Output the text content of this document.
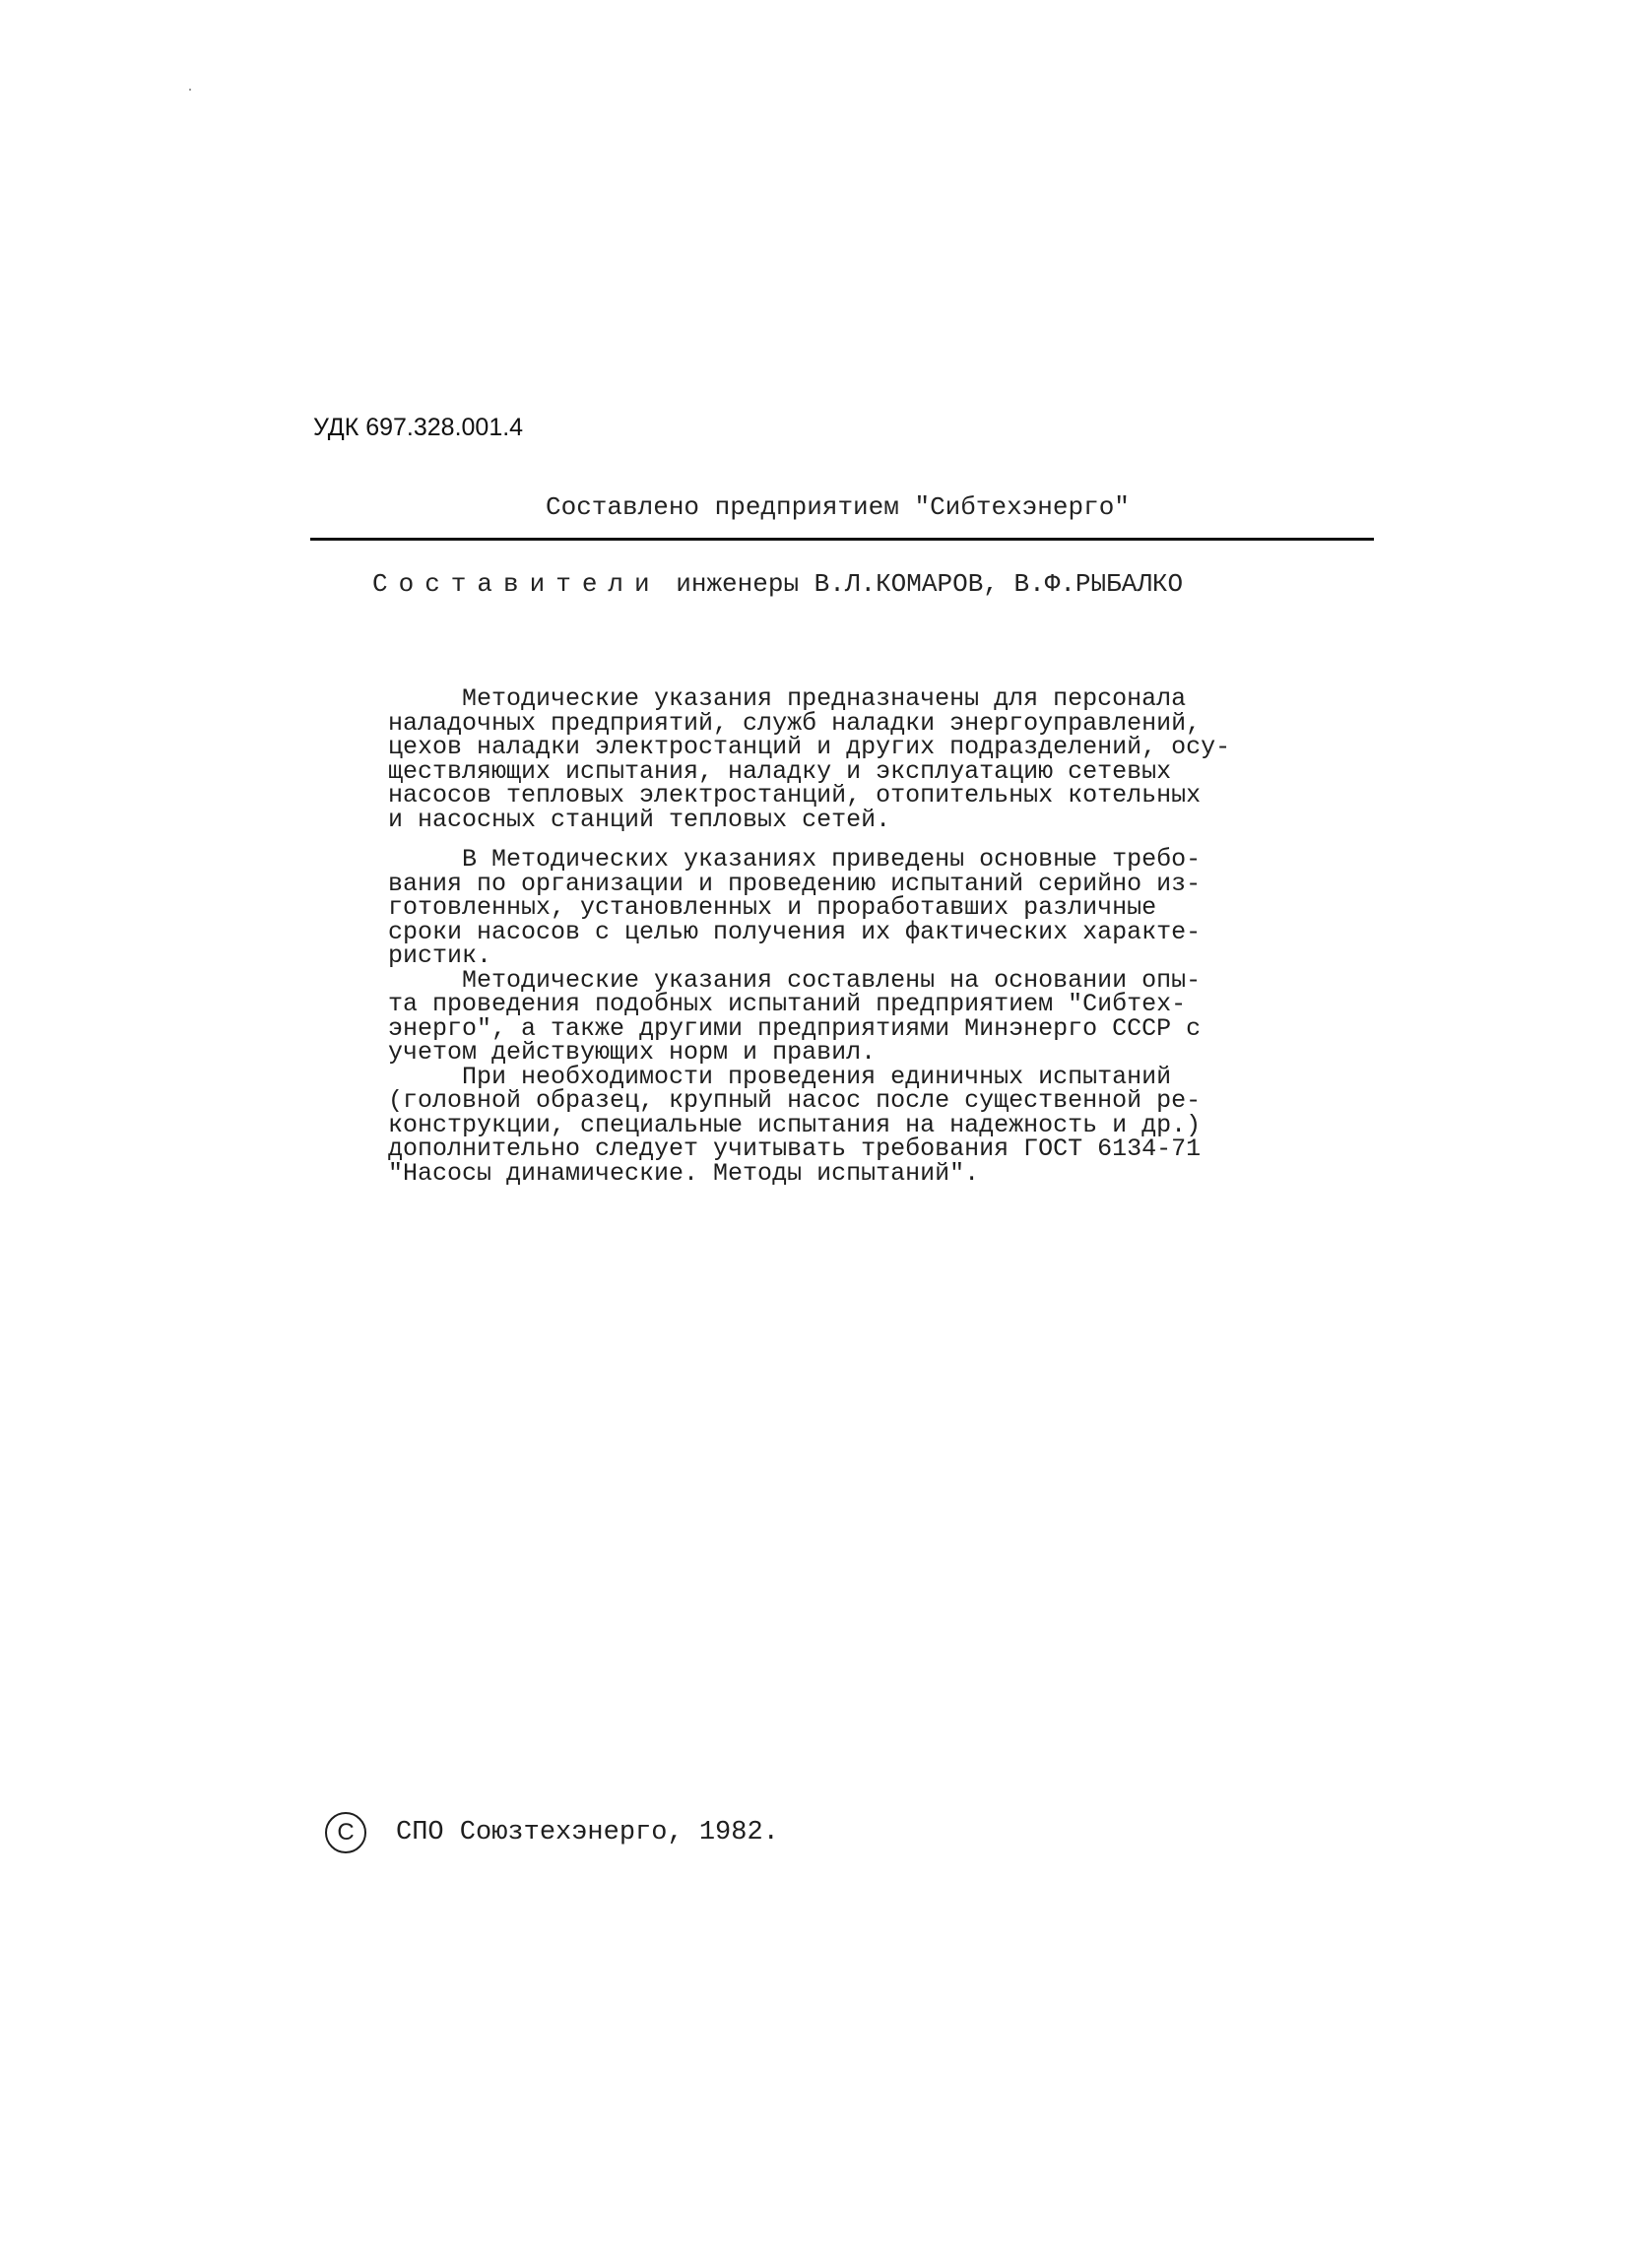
УДК 697.328.001.4
Составлено предприятием "Сибтехэнерго"
Составители инженеры В.Л.КОМАРОВ, В.Ф.РЫБАЛКО
Методические указания предназначены для персонала
наладочных предприятий, служб наладки энергоуправлений,
цехов наладки электростанций и других подразделений, осу-
ществляющих испытания, наладку и эксплуатацию сетевых
насосов тепловых электростанций, отопительных котельных
и насосных станций тепловых сетей.
В Методических указаниях приведены основные требо-
вания по организации и проведению испытаний серийно из-
готовленных, установленных и проработавших различные
сроки насосов с целью получения их фактических характе-
ристик.
Методические указания составлены на основании опы-
та проведения подобных испытаний предприятием "Сибтех-
энерго", а также другими предприятиями Минэнерго СССР с
учетом действующих норм и правил.
При необходимости проведения единичных испытаний
(головной образец, крупный насос после существенной ре-
конструкции, специальные испытания на надежность и др.)
дополнительно следует учитывать требования ГОСТ 6134-71
"Насосы динамические. Методы испытаний".
С	СПО Союзтехэнерго, 1982.
